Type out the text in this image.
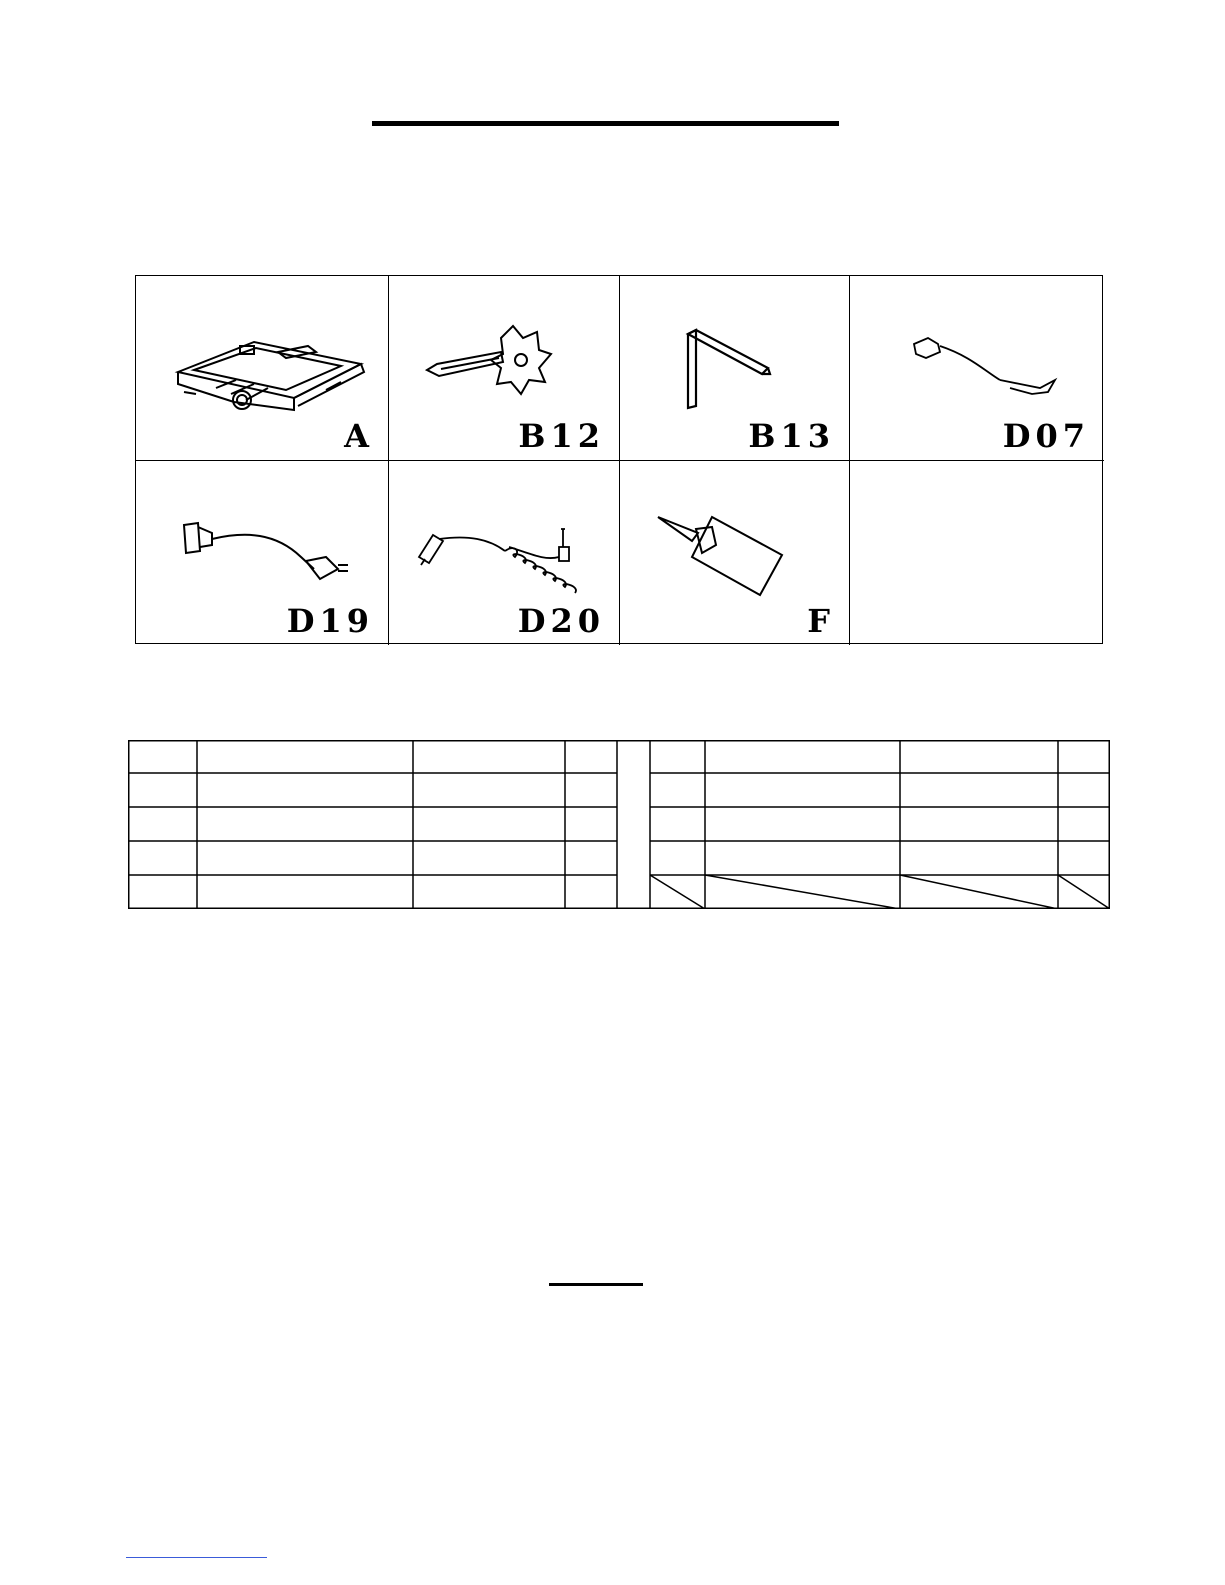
A	B12	B13	D07
D19	D20	F
